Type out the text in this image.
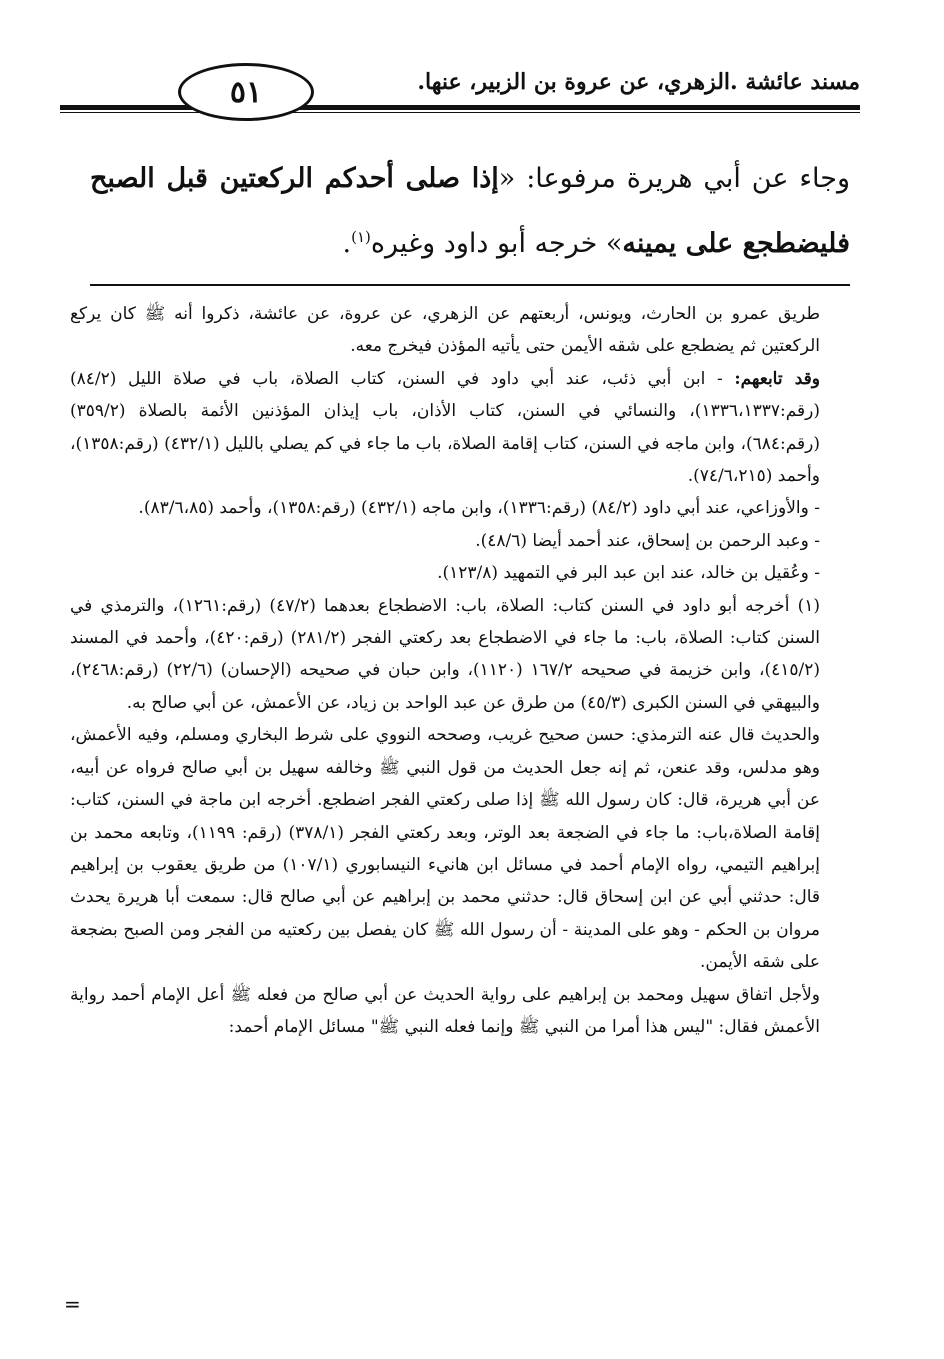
مسند عائشة .الزهري، عن عروة بن الزبير، عنها.
٥١
وجاء عن أبي هريرة مرفوعا: «إذا صلى أحدكم الركعتين قبل الصبح فليضطجع على يمينه» خرجه أبو داود وغيره$^{(١)}$.

طريق عمرو بن الحارث، ويونس، أربعتهم عن الزهري، عن عروة، عن عائشة، ذكروا أنه ﷺ كان يركع الركعتين ثم يضطجع على شقه الأيمن حتى يأتيه المؤذن فيخرج معه.

وقد تابعهم: - ابن أبي ذئب، عند أبي داود في السنن، كتاب الصلاة، باب في صلاة الليل (٨٤/٢) (رقم:١٣٣٦،١٣٣٧)، والنسائي في السنن، كتاب الأذان، باب إيذان المؤذنين الأئمة بالصلاة (٣٥٩/٢) (رقم:٦٨٤)، وابن ماجه في السنن، كتاب إقامة الصلاة، باب ما جاء في كم يصلي بالليل (٤٣٢/١) (رقم:١٣٥٨)، وأحمد (٧٤/٦،٢١٥).

- والأوزاعي، عند أبي داود (٨٤/٢) (رقم:١٣٣٦)، وابن ماجه (٤٣٢/١) (رقم:١٣٥٨)، وأحمد (٨٣/٦،٨٥).

- وعبد الرحمن بن إسحاق، عند أحمد أيضا (٤٨/٦).

- وعُقيل بن خالد، عند ابن عبد البر في التمهيد (١٢٣/٨).

(١) أخرجه أبو داود في السنن كتاب: الصلاة، باب: الاضطجاع بعدهما (٤٧/٢) (رقم:١٢٦١)، والترمذي في السنن كتاب: الصلاة، باب: ما جاء في الاضطجاع بعد ركعتي الفجر (٢٨١/٢) (رقم:٤٢٠)، وأحمد في المسند (٤١٥/٢)، وابن خزيمة في صحيحه ١٦٧/٢ (١١٢٠)، وابن حبان في صحيحه (الإحسان) (٢٢/٦) (رقم:٢٤٦٨)، والبيهقي في السنن الكبرى (٤٥/٣) من طرق عن عبد الواحد بن زياد، عن الأعمش، عن أبي صالح به.

والحديث قال عنه الترمذي: حسن صحيح غريب، وصححه النووي على شرط البخاري ومسلم، وفيه الأعمش، وهو مدلس، وقد عنعن، ثم إنه جعل الحديث من قول النبي ﷺ وخالفه سهيل بن أبي صالح فرواه عن أبيه، عن أبي هريرة، قال: كان رسول الله ﷺ إذا صلى ركعتي الفجر اضطجع. أخرجه ابن ماجة في السنن، كتاب: إقامة الصلاة،باب: ما جاء في الضجعة بعد الوتر، وبعد ركعتي الفجر (٣٧٨/١) (رقم: ١١٩٩)، وتابعه محمد بن إبراهيم التيمي، رواه الإمام أحمد في مسائل ابن هانيء النيسابوري (١٠٧/١) من طريق يعقوب بن إبراهيم قال: حدثني أبي عن ابن إسحاق قال: حدثني محمد بن إبراهيم عن أبي صالح قال: سمعت أبا هريرة يحدث مروان بن الحكم - وهو على المدينة - أن رسول الله ﷺ كان يفصل بين ركعتيه من الفجر ومن الصبح بضجعة على شقه الأيمن.

ولأجل اتفاق سهيل ومحمد بن إبراهيم على رواية الحديث عن أبي صالح من فعله ﷺ أعل الإمام أحمد رواية الأعمش فقال: "ليس هذا أمرا من النبي ﷺ وإنما فعله النبي ﷺ" مسائل الإمام أحمد:

=
